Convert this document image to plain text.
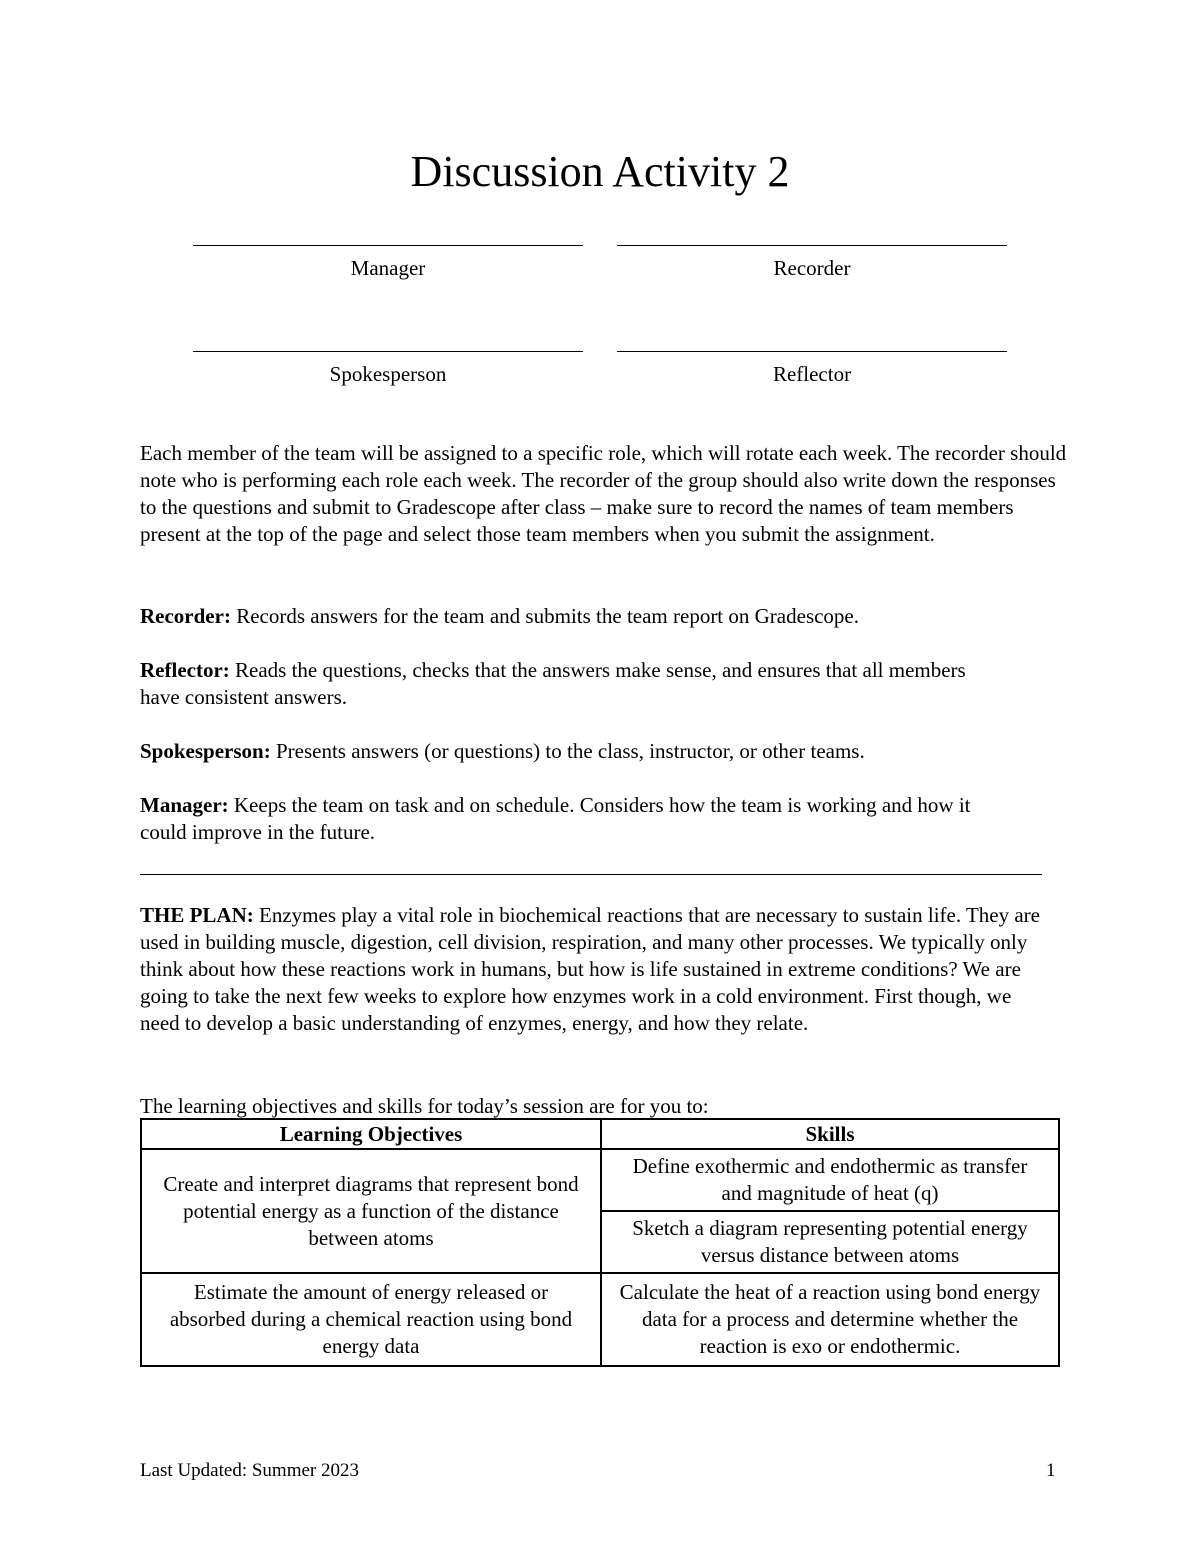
Discussion Activity 2
Manager	Recorder
Spokesperson	Reflector

Each member of the team will be assigned to a specific role, which will rotate each week. The recorder should note who is performing each role each week. The recorder of the group should also write down the responses to the questions and submit to Gradescope after class – make sure to record the names of team members present at the top of the page and select those team members when you submit the assignment.

Recorder: Records answers for the team and submits the team report on Gradescope.

Reflector: Reads the questions, checks that the answers make sense, and ensures that all members have consistent answers.

Spokesperson: Presents answers (or questions) to the class, instructor, or other teams.

Manager: Keeps the team on task and on schedule. Considers how the team is working and how it could improve in the future.

THE PLAN: Enzymes play a vital role in biochemical reactions that are necessary to sustain life. They are used in building muscle, digestion, cell division, respiration, and many other processes. We typically only think about how these reactions work in humans, but how is life sustained in extreme conditions? We are going to take the next few weeks to explore how enzymes work in a cold environment. First though, we need to develop a basic understanding of enzymes, energy, and how they relate.

The learning objectives and skills for today’s session are for you to:

Learning Objectives	Skills
Create and interpret diagrams that represent bond potential energy as a function of the distance between atoms	Define exothermic and endothermic as transfer and magnitude of heat (q)
	Sketch a diagram representing potential energy versus distance between atoms
Estimate the amount of energy released or absorbed during a chemical reaction using bond energy data	Calculate the heat of a reaction using bond energy data for a process and determine whether the reaction is exo or endothermic.
Last Updated: Summer 2023	1
